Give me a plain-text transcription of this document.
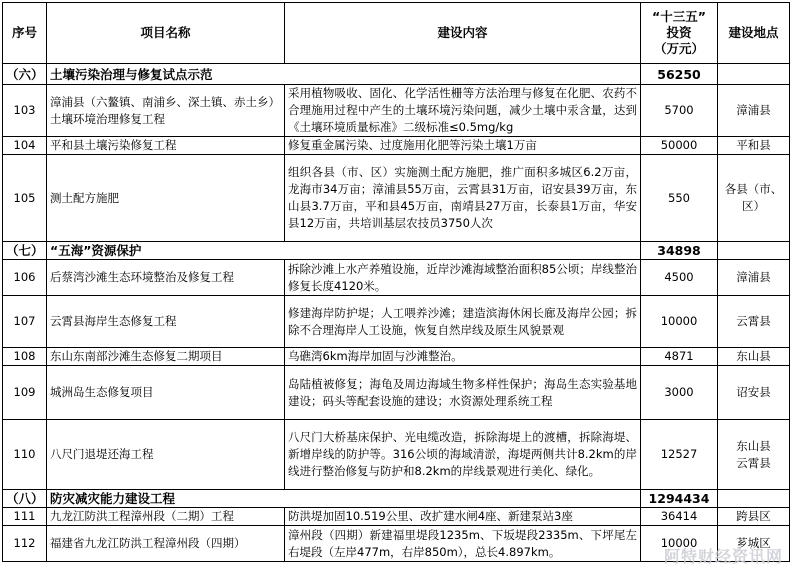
序号	项目名称	建设内容	“十三五”
投资
（万元）	建设地点
（六）	土壤污染治理与修复试点示范		56250	
103	漳浦县（六鳌镇、南浦乡、深土镇、赤土乡）土壤环境治理修复工程	采用植物吸收、固化、化学活性栅等方法治理与修复在化肥、农药不合理施用过程中产生的土壤环境污染问题，减少土壤中汞含量，达到《土壤环境质量标准》二级标准≤0.5mg/kg	5700	漳浦县
104	平和县土壤污染修复工程	修复重金属污染、过度施用化肥等污染土壤1万亩	50000	平和县
105	测土配方施肥	组织各县（市、区）实施测土配方施肥，推广面积多城区6.2万亩，龙海市34万亩；漳浦县55万亩，云霄县31万亩，诏安县39万亩，东山县3.7万亩，平和县45万亩，南靖县27万亩，长泰县1万亩，华安县12万亩，共培训基层农技员3750人次	550	各县（市、区）
（七）	“五海”资源保护		34898	
106	后蔡湾沙滩生态环境整治及修复工程	拆除沙滩上水产养殖设施，近岸沙滩海域整治面积85公顷；岸线整治修复长度4120米。	4500	漳浦县
107	云霄县海岸生态修复工程	修建海岸防护堤；人工喂养沙滩；建造滨海休闲长廊及海岸公园；拆除不合理海岸人工设施，恢复自然岸线及原生风貌景观	10000	云霄县
108	东山东南部沙滩生态修复二期项目	乌礁湾6km海岸加固与沙滩整治。	4871	东山县
109	城洲岛生态修复项目	岛陆植被修复；海龟及周边海域生物多样性保护；海岛生态实验基地建设；码头等配套设施的建设；水资源处理系统工程	3000	诏安县
110	八尺门退堤还海工程	八尺门大桥基床保护、光电缆改造，拆除海堤上的渡槽，拆除海堤、新增岸线的防护等。316公顷的海域清淤，海堤两侧共计8.2km的岸线进行整治修复与防护和8.2km的岸线景观进行美化、绿化。	12527	东山县
云霄县
（八）	防灾减灾能力建设工程		1294434	
111	九龙江防洪工程漳州段（二期）工程	防洪堤加固10.519公里、改扩建水闸4座、新建泵站3座	36414	跨县区
112	福建省九龙江防洪工程漳州段（四期）	漳州段（四期）新建福里堤段1235m、下坂堤段2335m、下坪尾左右堤段（左岸477m，右岸850m），总长4.897km。	10000	芗城区
阿特财经资讯网
